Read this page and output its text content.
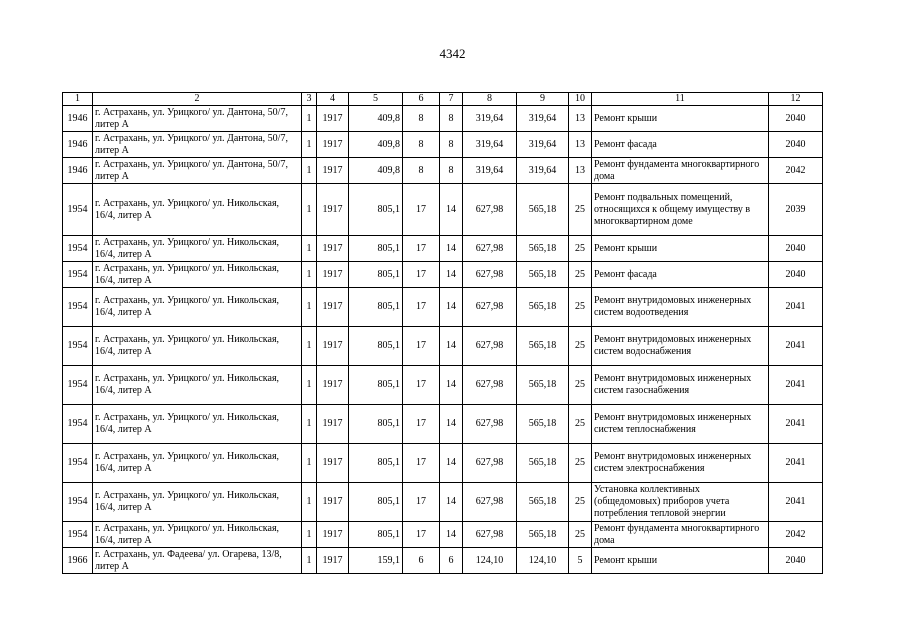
4342
1	2	3	4	5	6	7	8	9	10	11	12
1946	г. Астрахань, ул. Урицкого/ ул. Дантона, 50/7, литер А	1	1917	409,8	8	8	319,64	319,64	13	Ремонт крыши	2040
1946	г. Астрахань, ул. Урицкого/ ул. Дантона, 50/7, литер А	1	1917	409,8	8	8	319,64	319,64	13	Ремонт фасада	2040
1946	г. Астрахань, ул. Урицкого/ ул. Дантона, 50/7, литер А	1	1917	409,8	8	8	319,64	319,64	13	Ремонт фундамента многоквартирного дома	2042
1954	г. Астрахань, ул. Урицкого/ ул. Никольская, 16/4, литер А	1	1917	805,1	17	14	627,98	565,18	25	Ремонт подвальных помещений, относящихся к общему имуществу в многоквартирном доме	2039
1954	г. Астрахань, ул. Урицкого/ ул. Никольская, 16/4, литер А	1	1917	805,1	17	14	627,98	565,18	25	Ремонт крыши	2040
1954	г. Астрахань, ул. Урицкого/ ул. Никольская, 16/4, литер А	1	1917	805,1	17	14	627,98	565,18	25	Ремонт фасада	2040
1954	г. Астрахань, ул. Урицкого/ ул. Никольская, 16/4, литер А	1	1917	805,1	17	14	627,98	565,18	25	Ремонт внутридомовых инженерных систем водоотведения	2041
1954	г. Астрахань, ул. Урицкого/ ул. Никольская, 16/4, литер А	1	1917	805,1	17	14	627,98	565,18	25	Ремонт внутридомовых инженерных систем водоснабжения	2041
1954	г. Астрахань, ул. Урицкого/ ул. Никольская, 16/4, литер А	1	1917	805,1	17	14	627,98	565,18	25	Ремонт внутридомовых инженерных систем газоснабжения	2041
1954	г. Астрахань, ул. Урицкого/ ул. Никольская, 16/4, литер А	1	1917	805,1	17	14	627,98	565,18	25	Ремонт внутридомовых инженерных систем теплоснабжения	2041
1954	г. Астрахань, ул. Урицкого/ ул. Никольская, 16/4, литер А	1	1917	805,1	17	14	627,98	565,18	25	Ремонт внутридомовых инженерных систем электроснабжения	2041
1954	г. Астрахань, ул. Урицкого/ ул. Никольская, 16/4, литер А	1	1917	805,1	17	14	627,98	565,18	25	Установка коллективных (общедомовых) приборов учета потребления тепловой энергии	2041
1954	г. Астрахань, ул. Урицкого/ ул. Никольская, 16/4, литер А	1	1917	805,1	17	14	627,98	565,18	25	Ремонт фундамента многоквартирного дома	2042
1966	г. Астрахань, ул. Фадеева/ ул. Огарева, 13/8, литер А	1	1917	159,1	6	6	124,10	124,10	5	Ремонт крыши	2040
